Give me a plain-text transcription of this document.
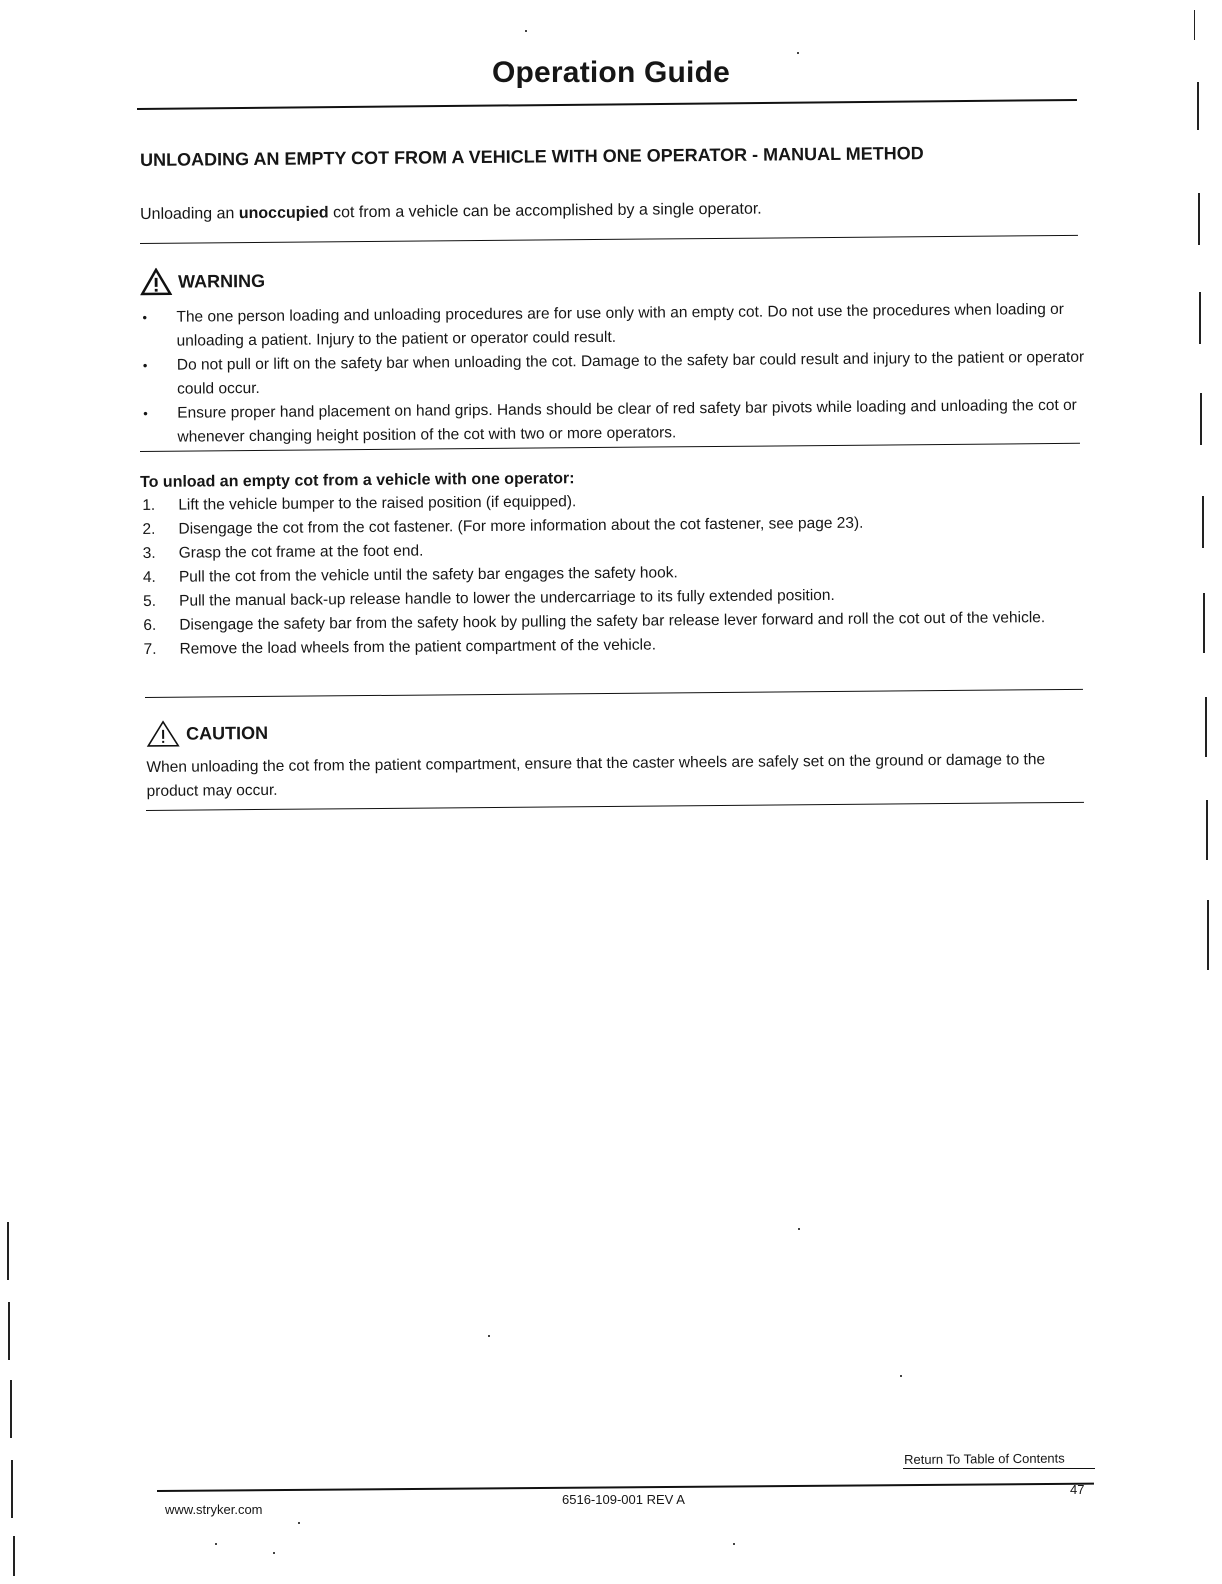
Operation Guide
UNLOADING AN EMPTY COT FROM A VEHICLE WITH ONE OPERATOR - MANUAL METHOD
Unloading an unoccupied cot from a vehicle can be accomplished by a single operator.
WARNING
• The one person loading and unloading procedures are for use only with an empty cot. Do not use the procedures when loading or unloading a patient. Injury to the patient or operator could result.
• Do not pull or lift on the safety bar when unloading the cot. Damage to the safety bar could result and injury to the patient or operator could occur.
• Ensure proper hand placement on hand grips. Hands should be clear of red safety bar pivots while loading and unloading the cot or whenever changing height position of the cot with two or more operators.
To unload an empty cot from a vehicle with one operator:
1. Lift the vehicle bumper to the raised position (if equipped).
2. Disengage the cot from the cot fastener. (For more information about the cot fastener, see page 23).
3. Grasp the cot frame at the foot end.
4. Pull the cot from the vehicle until the safety bar engages the safety hook.
5. Pull the manual back-up release handle to lower the undercarriage to its fully extended position.
6. Disengage the safety bar from the safety hook by pulling the safety bar release lever forward and roll the cot out of the vehicle.
7. Remove the load wheels from the patient compartment of the vehicle.
CAUTION
When unloading the cot from the patient compartment, ensure that the caster wheels are safely set on the ground or damage to the product may occur.
Return To Table of Contents
47
www.stryker.com
6516-109-001 REV A
